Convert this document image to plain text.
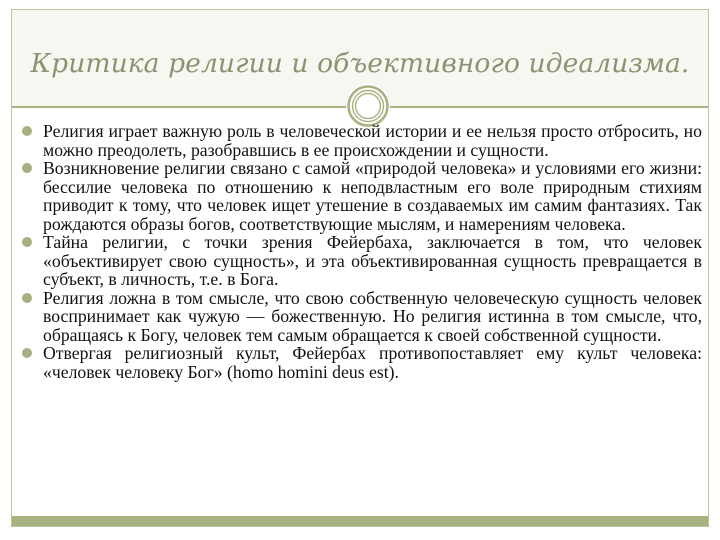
Критика религии и объективного идеализма.
Религия играет важную роль в человеческой истории и ее нельзя просто отбросить, но можно преодолеть, разобравшись в ее происхождении и сущности.
Возникновение религии связано с самой «природой человека» и условиями его жизни: бессилие человека по отношению к неподвластным его воле природным стихиям приводит к тому, что человек ищет утешение в создаваемых им самим фантазиях. Так рождаются образы богов, соответствующие мыслям, и намерениям человека.
Тайна религии, с точки зрения Фейербаха, заключается в том, что человек «объективирует свою сущность», и эта объективированная сущность превращается в субъект, в личность, т.е. в Бога.
Религия ложна в том смысле, что свою собственную человеческую сущность человек воспринимает как чужую — божественную. Но религия истинна в том смысле, что, обращаясь к Богу, человек тем самым обращается к своей собственной сущности.
Отвергая религиозный культ, Фейербах противопоставляет ему культ человека: «человек человеку Бог» (homo homini deus est).
